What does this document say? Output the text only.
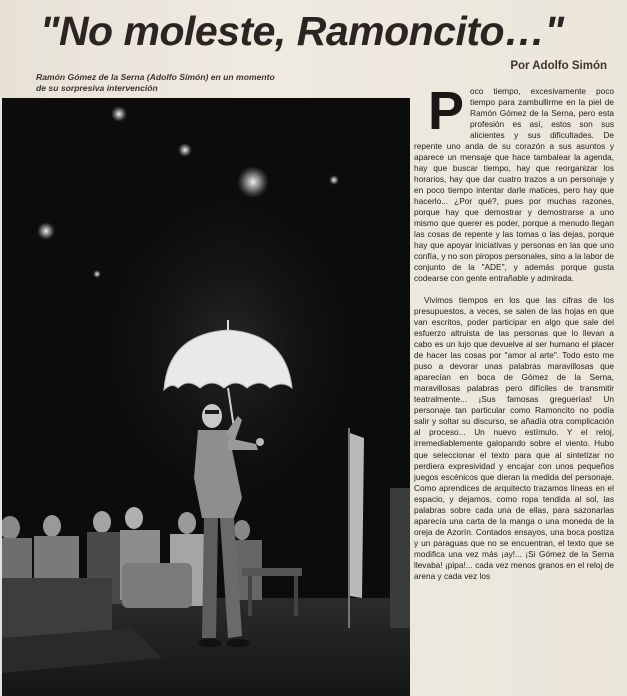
"No moleste, Ramoncito…"
Por Adolfo Simón
Ramón Gómez de la Serna (Adolfo Simón) en un momento de su sorpresiva intervención	Poco tiempo, excesivamente poco tiempo para zambullirme en la piel de Ramón Gómez de la Serna, pero esta profesión es así, estos son sus alicientes y sus dificultades. De repente uno anda de su corazón a sus asuntos y aparece un mensaje que hace tambalear la agenda, hay que buscar tiempo, hay que reorganizar los horarios, hay que dar cuatro trazos a un personaje y en poco tiempo intentar darle matices, pero hay que hacerlo... ¿Por qué?, pues por muchas razones, porque hay que demostrar y demostrarse a uno mismo que querer es poder, porque a menudo llegan las cosas de repente y las tomas o las dejas, porque hay que apoyar iniciativas y personas en las que uno confía, y no son piropos personales, sino a la labor de conjunto de la "ADE", y además porque gusta codearse con gente entrañable y admirada.

Vivimos tiempos en los que las cifras de los presupuestos, a veces, se salen de las hojas en que van escritos, poder participar en algo que sale del esfuerzo altruista de las personas que lo llevan a cabo es un lujo que devuelve al ser humano el placer de hacer las cosas por "amor al arte". Todo esto me puso a devorar unas palabras maravillosas que aparecían en boca de Gómez de la Serna, maravillosas palabras pero difíciles de transmitir teatralmente... ¡Sus famosas greguerías! Un personaje tan particular como Ramoncito no podía salir y soltar su discurso, se añadía otra complicación al proceso... Un nuevo estímulo. Y el reloj, irremediablemente galopando sobre el viento. Hubo que seleccionar el texto para que al sintetizar no perdiera expresividad y encajar con unos pequeños juegos escénicos que dieran la medida del personaje. Como aprendices de arquitecto trazamos líneas en el espacio, y dejamos, como ropa tendida al sol, las palabras sobre cada una de ellas, para sazonarlas aparecía una carta de la manga o una moneda de la oreja de Azorín. Contados ensayos, una boca postiza y un paraguas que no se encuentran, el texto que se modifica una vez más ¡ay!... ¡Si Gómez de la Serna llevaba! ¡pipa!... cada vez menos granos en el reloj de arena y cada vez los
